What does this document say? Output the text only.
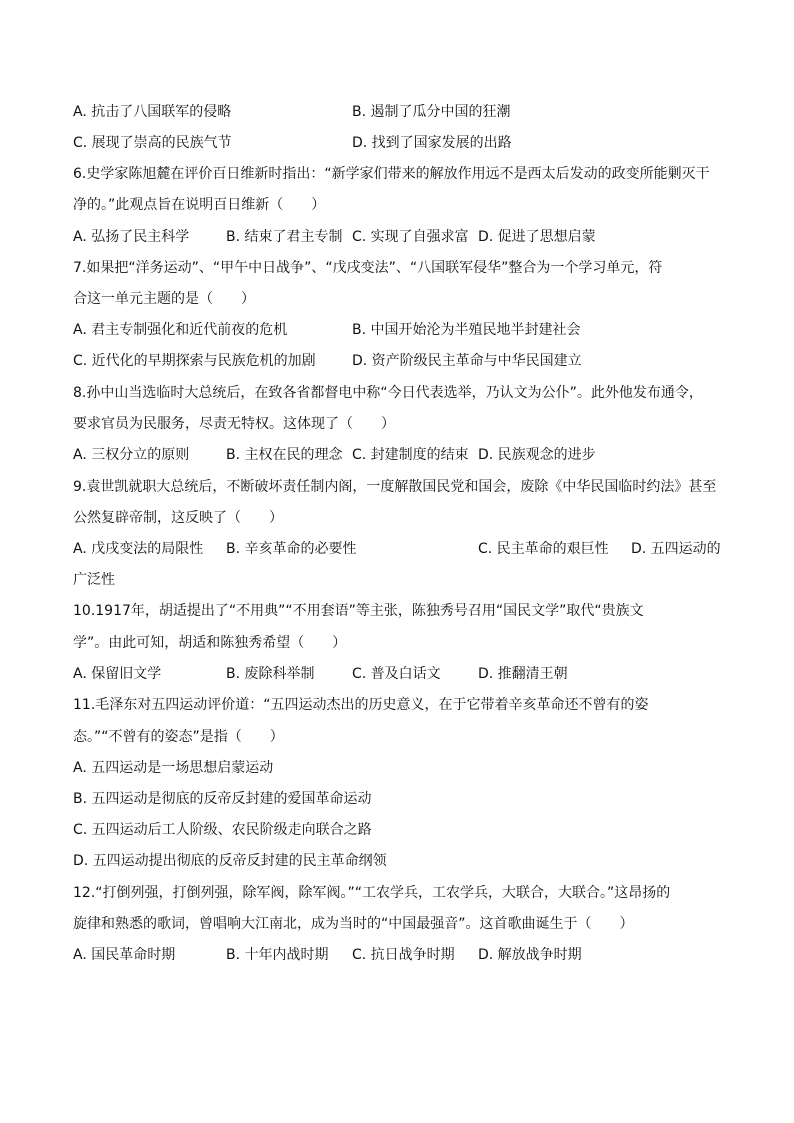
A. 抗击了八国联军的侵略	B. 遏制了瓜分中国的狂潮
C. 展现了崇高的民族气节	D. 找到了国家发展的出路
6.史学家陈旭麓在评价百日维新时指出：“新学家们带来的解放作用远不是西太后发动的政变所能剿灭干
净的。”此观点旨在说明百日维新（　　）
A. 弘扬了民主科学	B. 结束了君主专制 C. 实现了自强求富 D. 促进了思想启蒙
7.如果把“洋务运动”、“甲午中日战争”、“戊戌变法”、“八国联军侵华”整合为一个学习单元，符
合这一单元主题的是（　　）
A. 君主专制强化和近代前夜的危机	B. 中国开始沦为半殖民地半封建社会
C. 近代化的早期探索与民族危机的加剧	D. 资产阶级民主革命与中华民国建立
8.孙中山当选临时大总统后，在致各省都督电中称“今日代表选举，乃认文为公仆”。此外他发布通令，
要求官员为民服务，尽责无特权。这体现了（　　）
A. 三权分立的原则	B. 主权在民的理念 C. 封建制度的结束 D. 民族观念的进步
9.袁世凯就职大总统后，不断破坏责任制内阁，一度解散国民党和国会，废除《中华民国临时约法》甚至
公然复辟帝制，这反映了（　　）
A. 戊戌变法的局限性 B. 辛亥革命的必要性	C. 民主革命的艰巨性 D. 五四运动的
广泛性
10.1917年，胡适提出了“不用典”“不用套语”等主张，陈独秀号召用“国民文学”取代“贵族文
学”。由此可知，胡适和陈独秀希望（　　）
A. 保留旧文学	B. 废除科举制	C. 普及白话文	D. 推翻清王朝
11.毛泽东对五四运动评价道：“五四运动杰出的历史意义，在于它带着辛亥革命还不曾有的姿
态。”“不曾有的姿态”是指（　　）
A. 五四运动是一场思想启蒙运动
B. 五四运动是彻底的反帝反封建的爱国革命运动
C. 五四运动后工人阶级、农民阶级走向联合之路
D. 五四运动提出彻底的反帝反封建的民主革命纲领
12.“打倒列强，打倒列强，除军阀，除军阀。”“工农学兵，工农学兵，大联合，大联合。”这昂扬的
旋律和熟悉的歌词，曾唱响大江南北，成为当时的“中国最强音”。这首歌曲诞生于（　　）
A. 国民革命时期	B. 十年内战时期 C. 抗日战争时期 D. 解放战争时期
